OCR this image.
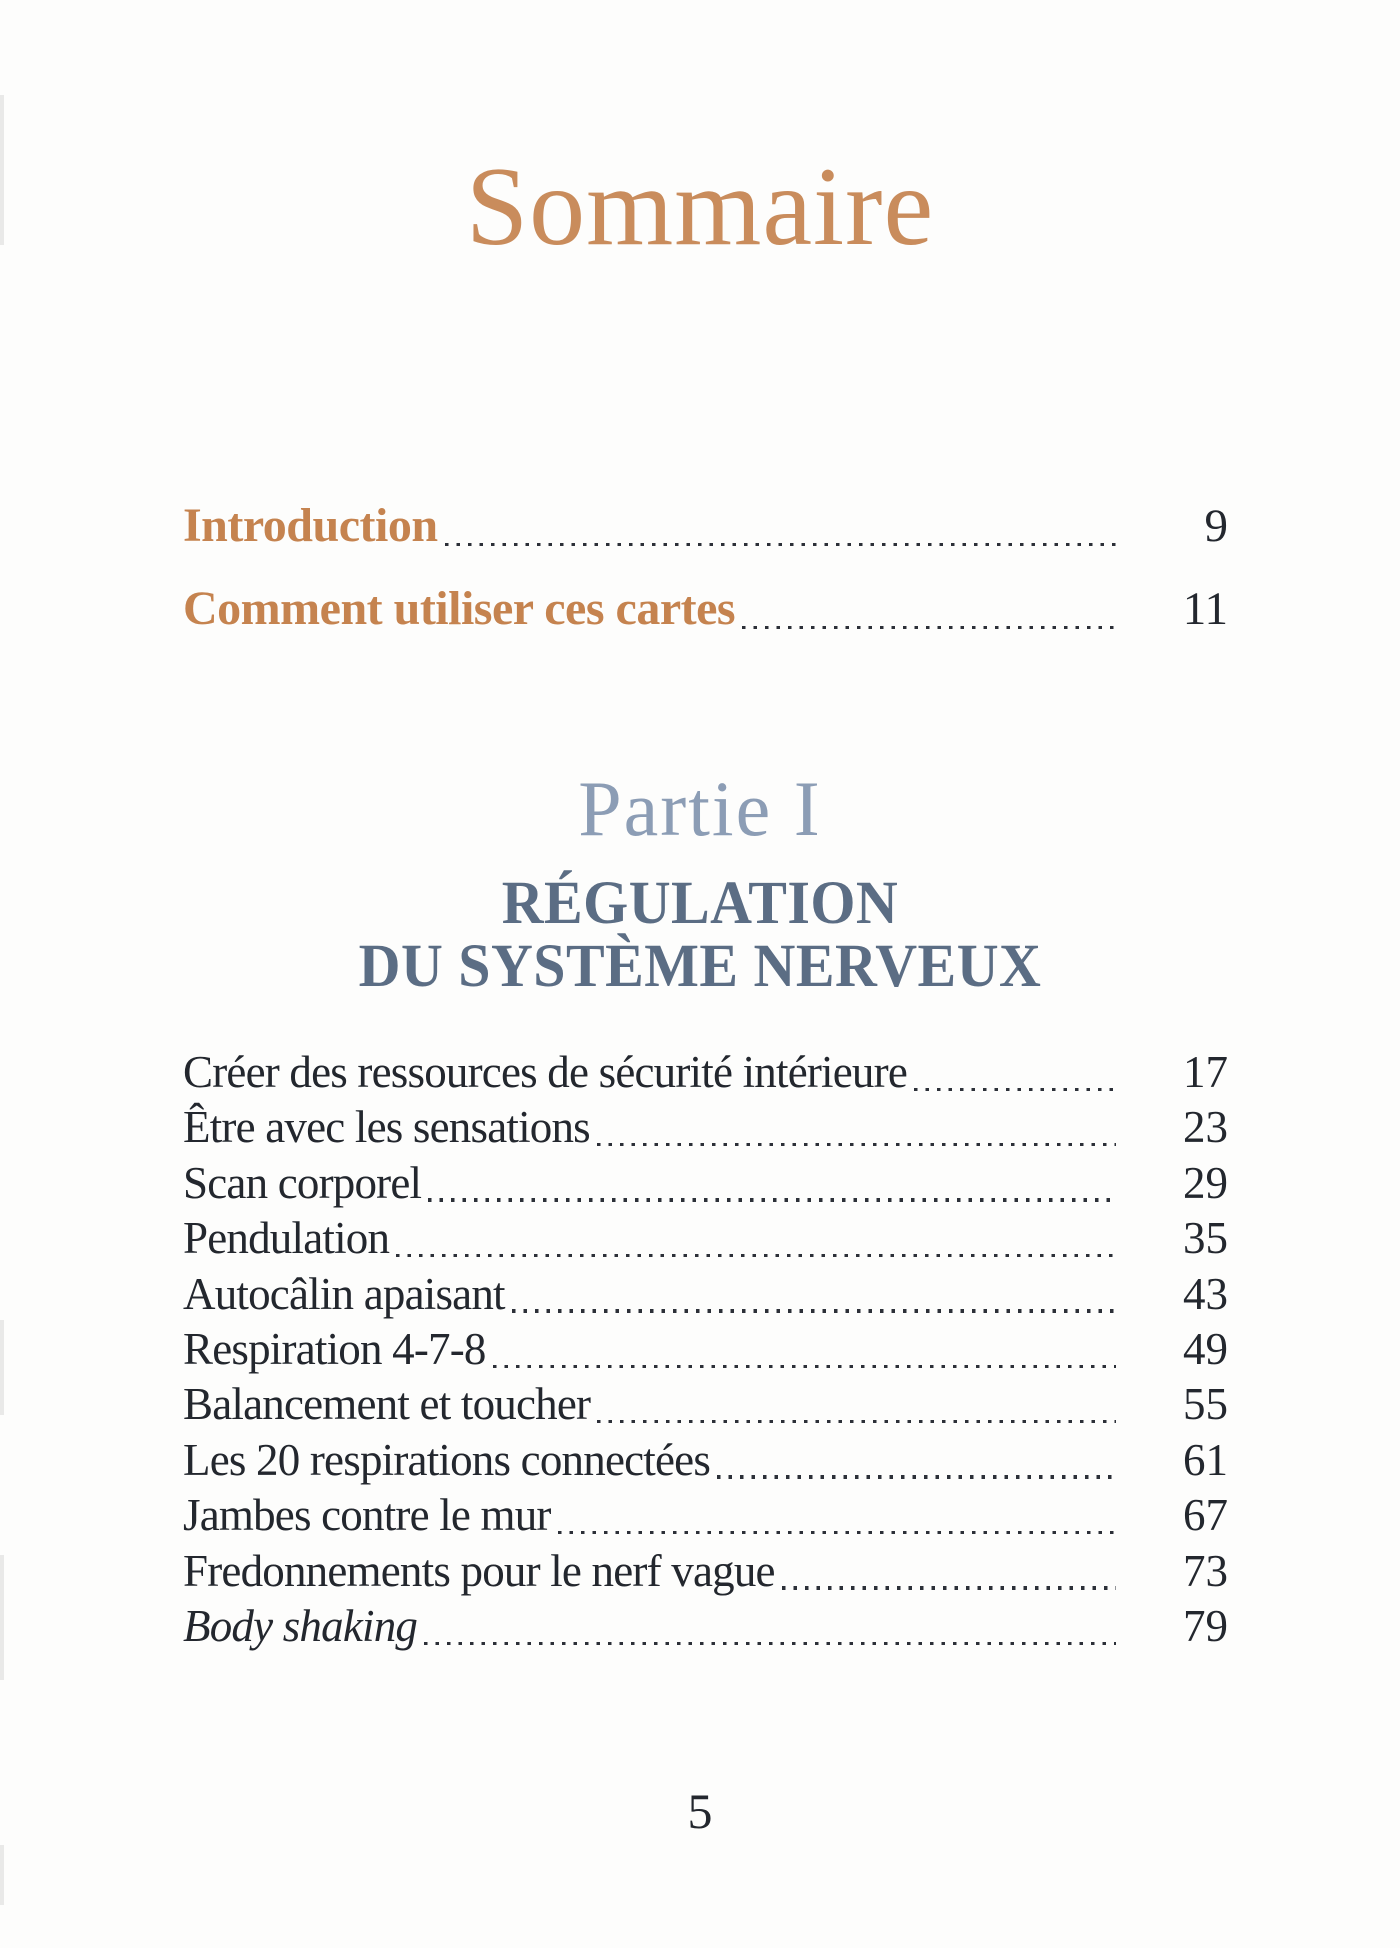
Sommaire
Introduction ​	9
Comment utiliser ces cartes ​	11
Partie I
RÉGULATION
DU SYSTÈME NERVEUX
Créer des ressources de sécurité intérieure ​	17
Être avec les sensations ​	23
Scan corporel ​	29
Pendulation ​	35
Autocâlin apaisant ​	43
Respiration 4-7-8 ​	49
Balancement et toucher ​	55
Les 20 respirations connectées ​	61
Jambes contre le mur ​	67
Fredonnements pour le nerf vague ​	73
Body shaking ​	79
5
